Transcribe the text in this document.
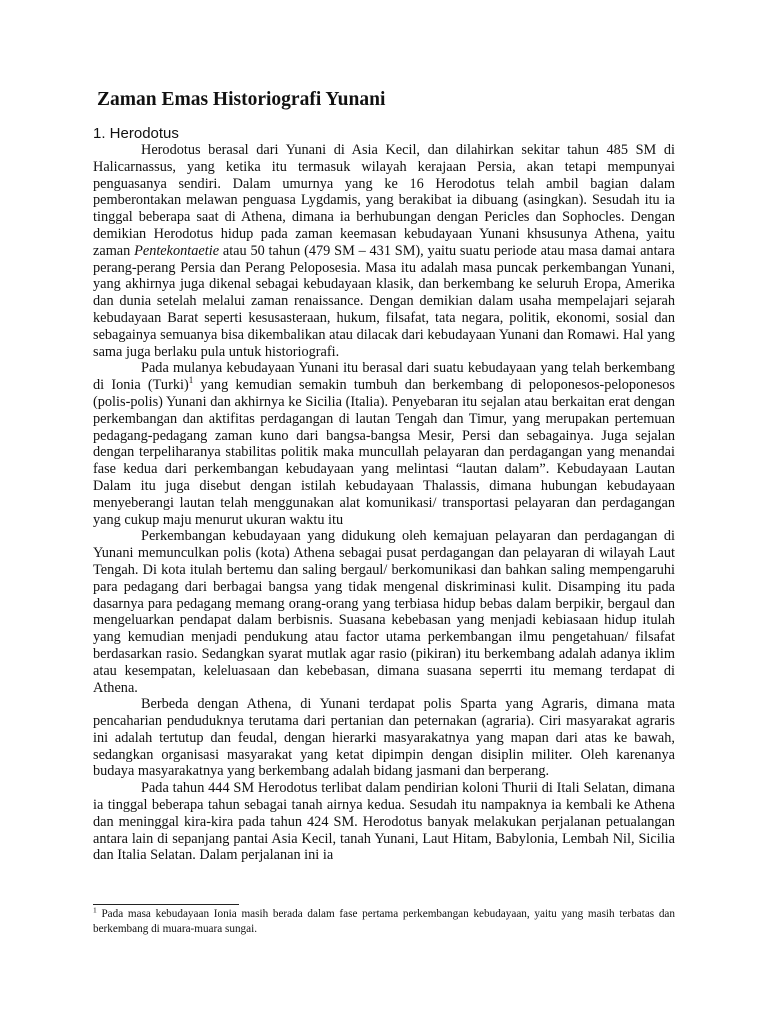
Zaman Emas Historiografi Yunani
1. Herodotus

Herodotus berasal dari Yunani di Asia Kecil, dan dilahirkan sekitar tahun 485 SM di Halicarnassus, yang ketika itu termasuk wilayah kerajaan Persia, akan tetapi mempunyai penguasanya sendiri. Dalam umurnya yang ke 16 Herodotus telah ambil bagian dalam pemberontakan melawan penguasa Lygdamis, yang berakibat ia dibuang (asingkan). Sesudah itu ia tinggal beberapa saat di Athena, dimana ia berhubungan dengan Pericles dan Sophocles. Dengan demikian Herodotus hidup pada zaman keemasan kebudayaan Yunani khsusunya Athena, yaitu zaman Pentekontaetie atau 50 tahun (479 SM – 431 SM), yaitu suatu periode atau masa damai antara perang-perang Persia dan Perang Peloposesia. Masa itu adalah masa puncak perkembangan Yunani, yang akhirnya juga dikenal sebagai kebudayaan klasik, dan berkembang ke seluruh Eropa, Amerika dan dunia setelah melalui zaman renaissance. Dengan demikian dalam usaha mempelajari sejarah kebudayaan Barat seperti kesusasteraan, hukum, filsafat, tata negara, politik, ekonomi, sosial dan sebagainya semuanya bisa dikembalikan atau dilacak dari kebudayaan Yunani dan Romawi. Hal yang sama juga berlaku pula untuk historiografi.

Pada mulanya kebudayaan Yunani itu berasal dari suatu kebudayaan yang telah berkembang di Ionia (Turki)$^1$ yang kemudian semakin tumbuh dan berkembang di peloponesos-peloponesos (polis-polis) Yunani dan akhirnya ke Sicilia (Italia). Penyebaran itu sejalan atau berkaitan erat dengan perkembangan dan aktifitas perdagangan di lautan Tengah dan Timur, yang merupakan pertemuan pedagang-pedagang zaman kuno dari bangsa-bangsa Mesir, Persi dan sebagainya. Juga sejalan dengan terpeliharanya stabilitas politik maka muncullah pelayaran dan perdagangan yang menandai fase kedua dari perkembangan kebudayaan yang melintasi “lautan dalam”. Kebudayaan Lautan Dalam itu juga disebut dengan istilah kebudayaan Thalassis, dimana hubungan kebudayaan menyeberangi lautan telah menggunakan alat komunikasi/ transportasi pelayaran dan perdagangan yang cukup maju menurut ukuran waktu itu

Perkembangan kebudayaan yang didukung oleh kemajuan pelayaran dan perdagangan di Yunani memunculkan polis (kota) Athena sebagai pusat perdagangan dan pelayaran di wilayah Laut Tengah. Di kota itulah bertemu dan saling bergaul/ berkomunikasi dan bahkan saling mempengaruhi para pedagang dari berbagai bangsa yang tidak mengenal diskriminasi kulit. Disamping itu pada dasarnya para pedagang memang orang-orang yang terbiasa hidup bebas dalam berpikir, bergaul dan mengeluarkan pendapat dalam berbisnis. Suasana kebebasan yang menjadi kebiasaan hidup itulah yang kemudian menjadi pendukung atau factor utama perkembangan ilmu pengetahuan/ filsafat berdasarkan rasio. Sedangkan syarat mutlak agar rasio (pikiran) itu berkembang adalah adanya iklim atau kesempatan, keleluasaan dan kebebasan, dimana suasana seperrti itu memang terdapat di Athena.

Berbeda dengan Athena, di Yunani terdapat polis Sparta yang Agraris, dimana mata pencaharian penduduknya terutama dari pertanian dan peternakan (agraria). Ciri masyarakat agraris ini adalah tertutup dan feudal, dengan hierarki masyarakatnya yang mapan dari atas ke bawah, sedangkan organisasi masyarakat yang ketat dipimpin dengan disiplin militer. Oleh karenanya budaya masyarakatnya yang berkembang adalah bidang jasmani dan berperang.

Pada tahun 444 SM Herodotus terlibat dalam pendirian koloni Thurii di Itali Selatan, dimana ia tinggal beberapa tahun sebagai tanah airnya kedua. Sesudah itu nampaknya ia kembali ke Athena dan meninggal kira-kira pada tahun 424 SM. Herodotus banyak melakukan perjalanan petualangan antara lain di sepanjang pantai Asia Kecil, tanah Yunani, Laut Hitam, Babylonia, Lembah Nil, Sicilia dan Italia Selatan. Dalam perjalanan ini ia

$^1$ Pada masa kebudayaan Ionia masih berada dalam fase pertama perkembangan kebudayaan, yaitu yang masih terbatas dan berkembang di muara-muara sungai.
